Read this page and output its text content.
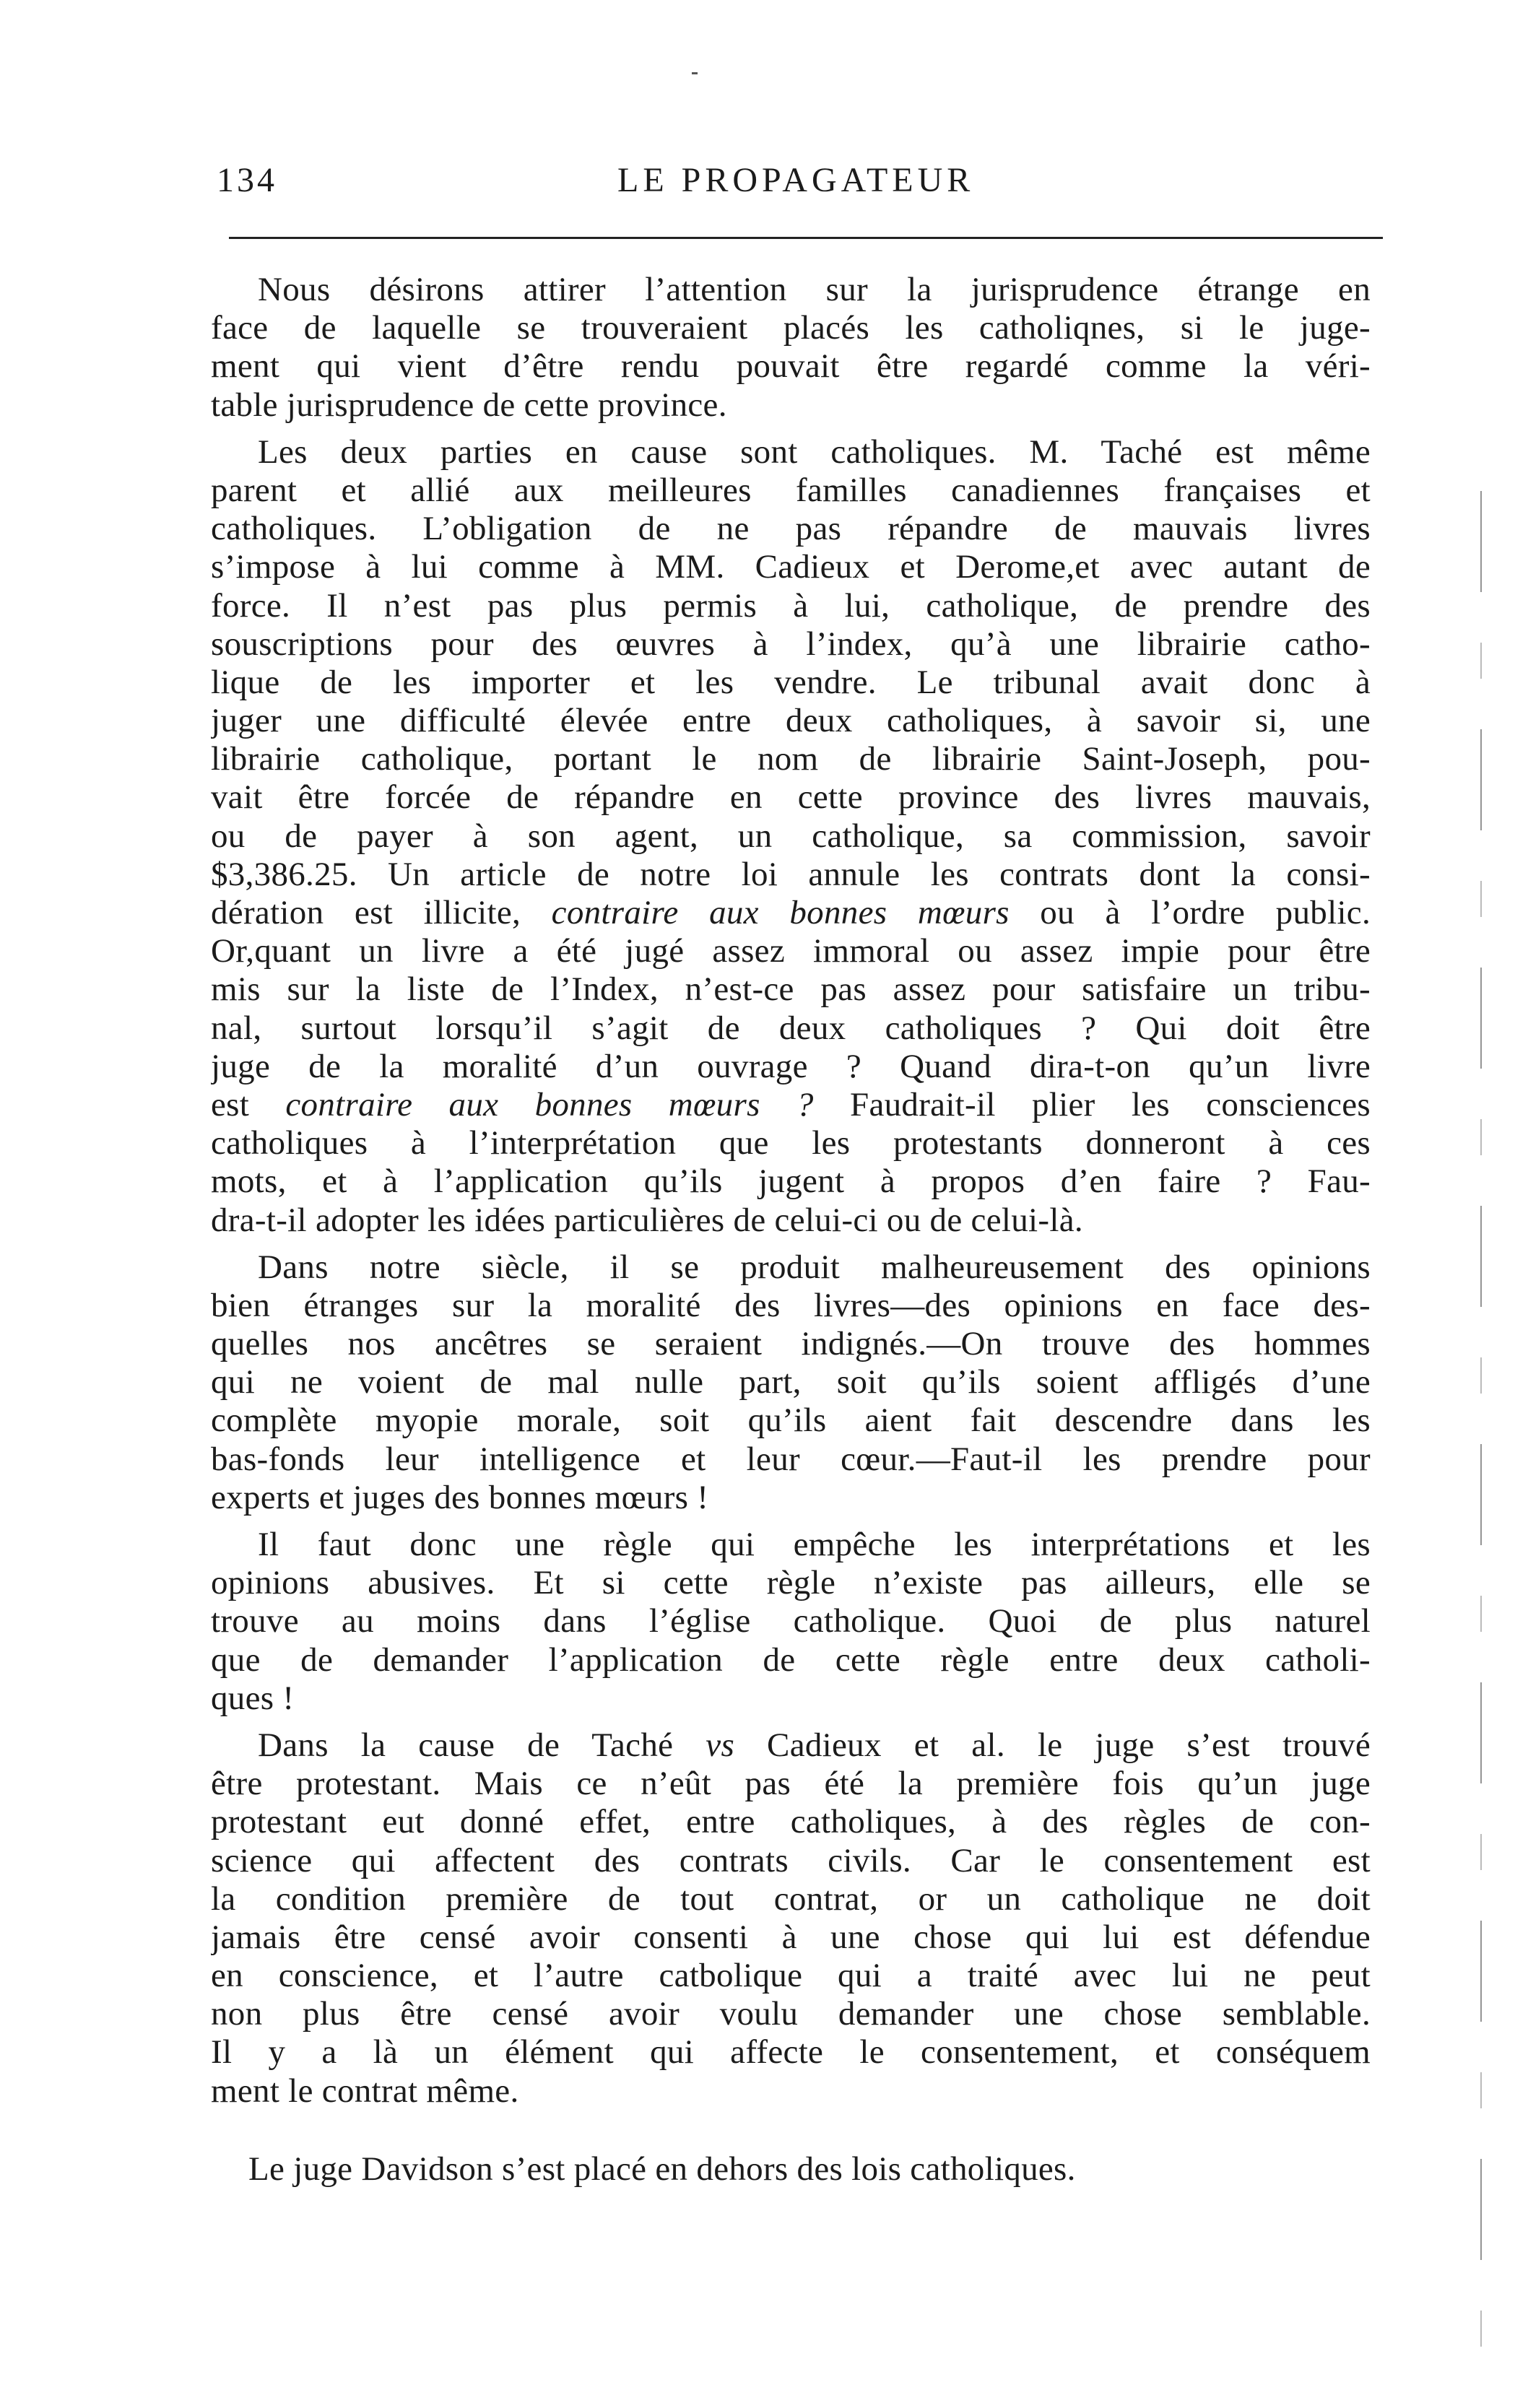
134	LE PROPAGATEUR
Nous désirons attirer l’attention sur la jurisprudence étrange en
face de laquelle se trouveraient placés les catholiqnes, si le juge-
ment qui vient d’être rendu pouvait être regardé comme la véri-
table jurisprudence de cette province.
Les deux parties en cause sont catholiques. M. Taché est même
parent et allié aux meilleures familles canadiennes françaises et
catholiques. L’obligation de ne pas répandre de mauvais livres
s’impose à lui comme à MM. Cadieux et Derome,et avec autant de
force. Il n’est pas plus permis à lui, catholique, de prendre des
souscriptions pour des œuvres à l’index, qu’à une librairie catho-
lique de les importer et les vendre. Le tribunal avait donc à
juger une difficulté élevée entre deux catholiques, à savoir si, une
librairie catholique, portant le nom de librairie Saint-Joseph, pou-
vait être forcée de répandre en cette province des livres mauvais,
ou de payer à son agent, un catholique, sa commission, savoir
$3,386.25. Un article de notre loi annule les contrats dont la consi-
dération est illicite, contraire aux bonnes mœurs ou à l’ordre public.
Or,quant un livre a été jugé assez immoral ou assez impie pour être
mis sur la liste de l’Index, n’est-ce pas assez pour satisfaire un tribu-
nal, surtout lorsqu’il s’agit de deux catholiques ? Qui doit être
juge de la moralité d’un ouvrage ? Quand dira-t-on qu’un livre
est contraire aux bonnes mœurs ? Faudrait-il plier les consciences
catholiques à l’interprétation que les protestants donneront à ces
mots, et à l’application qu’ils jugent à propos d’en faire ? Fau-
dra-t-il adopter les idées particulières de celui-ci ou de celui-là.
Dans notre siècle, il se produit malheureusement des opinions
bien étranges sur la moralité des livres—des opinions en face des-
quelles nos ancêtres se seraient indignés.—On trouve des hommes
qui ne voient de mal nulle part, soit qu’ils soient affligés d’une
complète myopie morale, soit qu’ils aient fait descendre dans les
bas-fonds leur intelligence et leur cœur.—Faut-il les prendre pour
experts et juges des bonnes mœurs !
Il faut donc une règle qui empêche les interprétations et les
opinions abusives. Et si cette règle n’existe pas ailleurs, elle se
trouve au moins dans l’église catholique. Quoi de plus naturel
que de demander l’application de cette règle entre deux catholi-
ques !
Dans la cause de Taché vs Cadieux et al. le juge s’est trouvé
être protestant. Mais ce n’eût pas été la première fois qu’un juge
protestant eut donné effet, entre catholiques, à des règles de con-
science qui affectent des contrats civils. Car le consentement est
la condition première de tout contrat, or un catholique ne doit
jamais être censé avoir consenti à une chose qui lui est défendue
en conscience, et l’autre catbolique qui a traité avec lui ne peut
non plus être censé avoir voulu demander une chose semblable.
Il y a là un élément qui affecte le consentement, et conséquem
ment le contrat même.
Le juge Davidson s’est placé en dehors des lois catholiques.
